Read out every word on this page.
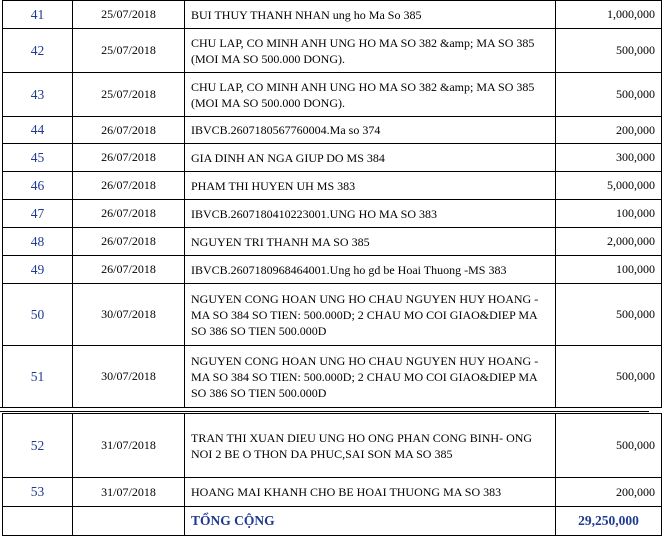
41	25/07/2018	BUI THUY THANH NHAN ung ho Ma So 385	1,000,000
42	25/07/2018	CHU LAP, CO MINH ANH UNG HO MA SO 382 &amp; MA SO 385 (MOI MA SO 500.000 DONG).	500,000
43	25/07/2018	CHU LAP, CO MINH ANH UNG HO MA SO 382 &amp; MA SO 385 (MOI MA SO 500.000 DONG).	500,000
44	26/07/2018	IBVCB.2607180567760004.Ma so 374	200,000
45	26/07/2018	GIA DINH AN NGA GIUP DO MS 384	300,000
46	26/07/2018	PHAM THI HUYEN UH MS 383	5,000,000
47	26/07/2018	IBVCB.2607180410223001.UNG HO MA SO 383	100,000
48	26/07/2018	NGUYEN TRI THANH MA SO 385	2,000,000
49	26/07/2018	IBVCB.2607180968464001.Ung ho gd be Hoai Thuong -MS 383	100,000
50	30/07/2018	NGUYEN CONG HOAN UNG HO CHAU NGUYEN HUY HOANG - MA SO 384 SO TIEN: 500.000D; 2 CHAU MO COI GIAO&DIEP MA SO 386 SO TIEN 500.000D	500,000
51	30/07/2018	NGUYEN CONG HOAN UNG HO CHAU NGUYEN HUY HOANG - MA SO 384 SO TIEN: 500.000D; 2 CHAU MO COI GIAO&DIEP MA SO 386 SO TIEN 500.000D	500,000
52	31/07/2018	TRAN THI XUAN DIEU UNG HO ONG PHAN CONG BINH- ONG NOI 2 BE O THON DA PHUC,SAI SON MA SO 385	500,000
53	31/07/2018	HOANG MAI KHANH CHO BE HOAI THUONG MA SO 383	200,000
		TỔNG CỘNG	29,250,000
